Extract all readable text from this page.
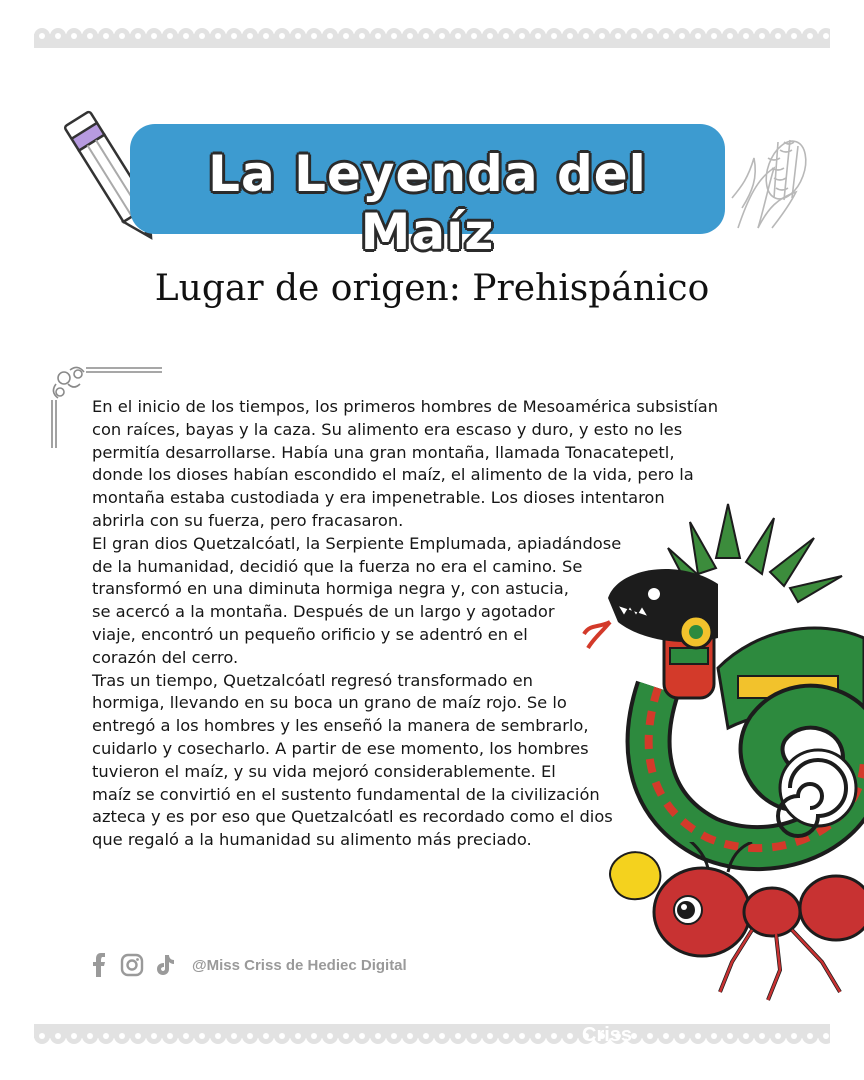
La Leyenda del Maíz
Lugar de origen: Prehispánico
En el inicio de los tiempos, los primeros hombres de Mesoamérica subsistían
con raíces, bayas y la caza. Su alimento era escaso y duro, y esto no les
permitía desarrollarse. Había una gran montaña, llamada Tonacatepetl,
donde los dioses habían escondido el maíz, el alimento de la vida, pero la
montaña estaba custodiada y era impenetrable. Los dioses intentaron
abrirla con su fuerza, pero fracasaron.
El gran dios Quetzalcóatl, la Serpiente Emplumada, apiadándose
de la humanidad, decidió que la fuerza no era el camino. Se
transformó en una diminuta hormiga negra y, con astucia,
se acercó a la montaña. Después de un largo y agotador
viaje, encontró un pequeño orificio y se adentró en el
corazón del cerro.
Tras un tiempo, Quetzalcóatl regresó transformado en
hormiga, llevando en su boca un grano de maíz rojo. Se lo
entregó a los hombres y les enseñó la manera de sembrarlo,
cuidarlo y cosecharlo. A partir de ese momento, los hombres
tuvieron el maíz, y su vida mejoró considerablemente. El
maíz se convirtió en el sustento fundamental de la civilización
azteca y es por eso que Quetzalcóatl es recordado como el dios
que regaló a la humanidad su alimento más preciado.
@Miss Criss de Hediec Digital
Criss
